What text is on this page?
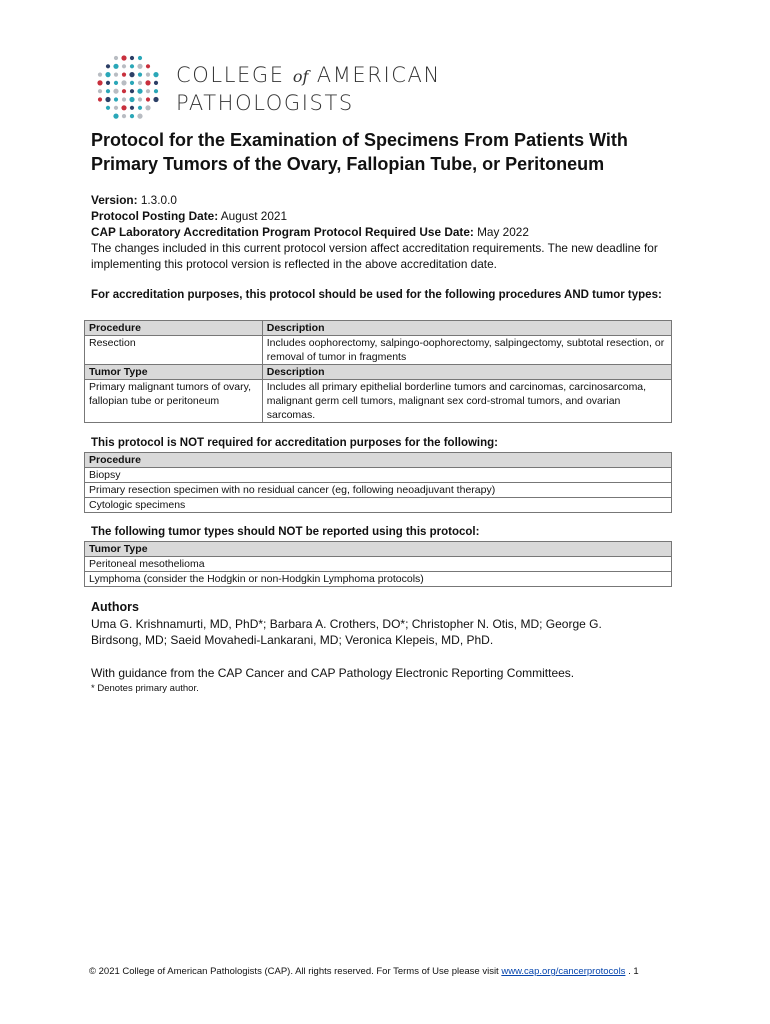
COLLEGE of AMERICAN
PATHOLOGISTS
Protocol for the Examination of Specimens From Patients With Primary Tumors of the Ovary, Fallopian Tube, or Peritoneum
Version: 1.3.0.0
Protocol Posting Date: August 2021
CAP Laboratory Accreditation Program Protocol Required Use Date: May 2022
The changes included in this current protocol version affect accreditation requirements. The new deadline for implementing this protocol version is reflected in the above accreditation date.
For accreditation purposes, this protocol should be used for the following procedures AND tumor types:
Procedure	Description
Resection	Includes oophorectomy, salpingo-oophorectomy, salpingectomy, subtotal resection, or removal of tumor in fragments
Tumor Type	Description
Primary malignant tumors of ovary, fallopian tube or peritoneum	Includes all primary epithelial borderline tumors and carcinomas, carcinosarcoma, malignant germ cell tumors, malignant sex cord-stromal tumors, and ovarian sarcomas.
This protocol is NOT required for accreditation purposes for the following:
Procedure
Biopsy
Primary resection specimen with no residual cancer (eg, following neoadjuvant therapy)
Cytologic specimens
The following tumor types should NOT be reported using this protocol:
Tumor Type
Peritoneal mesothelioma
Lymphoma (consider the Hodgkin or non-Hodgkin Lymphoma protocols)
Authors
Uma G. Krishnamurti, MD, PhD*; Barbara A. Crothers, DO*; Christopher N. Otis, MD; George G. Birdsong, MD; Saeid Movahedi-Lankarani, MD; Veronica Klepeis, MD, PhD.
With guidance from the CAP Cancer and CAP Pathology Electronic Reporting Committees.
* Denotes primary author.
© 2021 College of American Pathologists (CAP). All rights reserved. For Terms of Use please visit www.cap.org/cancerprotocols . 1
